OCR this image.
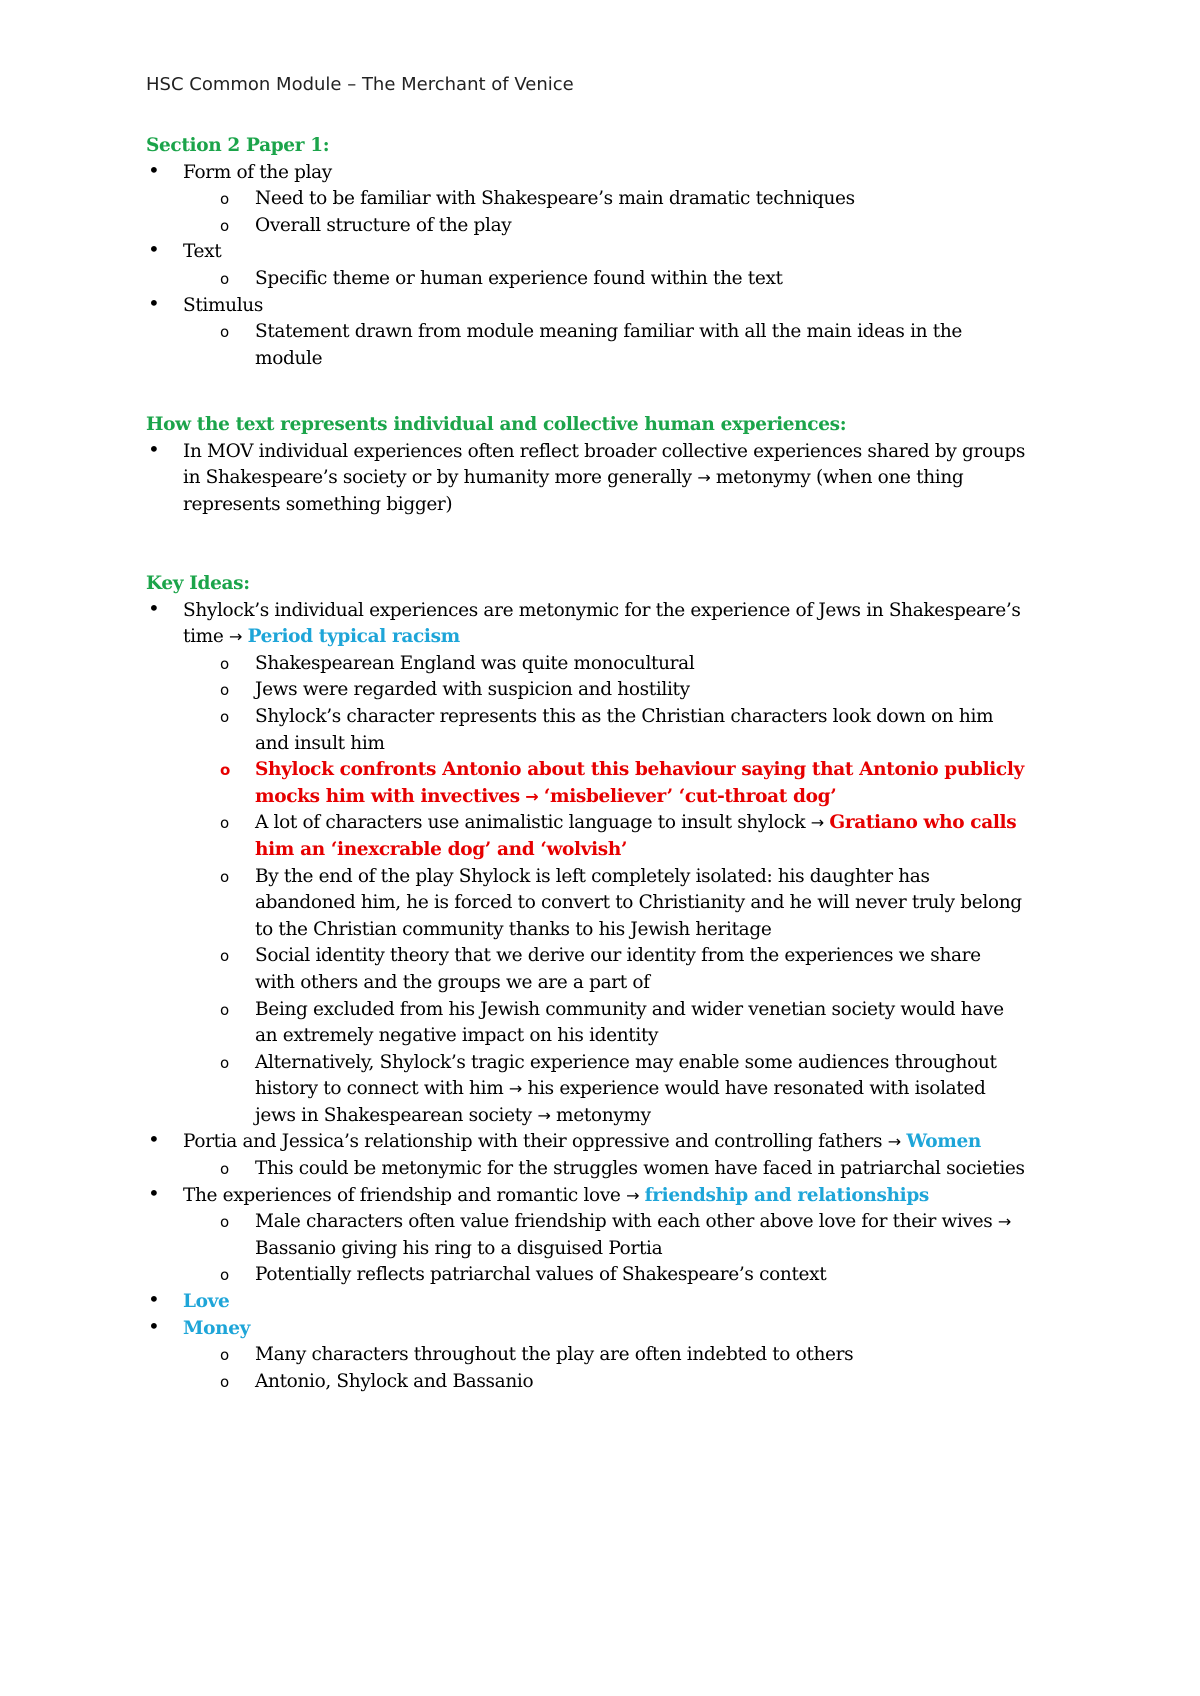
HSC Common Module – The Merchant of Venice
Section 2 Paper 1:
• Form of the play
o Need to be familiar with Shakespeare’s main dramatic techniques
o Overall structure of the play
• Text
o Specific theme or human experience found within the text
• Stimulus
o Statement drawn from module meaning familiar with all the main ideas in the
module
How the text represents individual and collective human experiences:
• In MOV individual experiences often reflect broader collective experiences shared by groups
in Shakespeare’s society or by humanity more generally → metonymy (when one thing
represents something bigger)
Key Ideas:
• Shylock’s individual experiences are metonymic for the experience of Jews in Shakespeare’s
time → Period typical racism
o Shakespearean England was quite monocultural
o Jews were regarded with suspicion and hostility
o Shylock’s character represents this as the Christian characters look down on him
and insult him
o Shylock confronts Antonio about this behaviour saying that Antonio publicly
mocks him with invectives → ‘misbeliever’ ‘cut-throat dog’
o A lot of characters use animalistic language to insult shylock → Gratiano who calls
him an ‘inexcrable dog’ and ‘wolvish’
o By the end of the play Shylock is left completely isolated: his daughter has
abandoned him, he is forced to convert to Christianity and he will never truly belong
to the Christian community thanks to his Jewish heritage
o Social identity theory that we derive our identity from the experiences we share
with others and the groups we are a part of
o Being excluded from his Jewish community and wider venetian society would have
an extremely negative impact on his identity
o Alternatively, Shylock’s tragic experience may enable some audiences throughout
history to connect with him → his experience would have resonated with isolated
jews in Shakespearean society → metonymy
• Portia and Jessica’s relationship with their oppressive and controlling fathers → Women
o This could be metonymic for the struggles women have faced in patriarchal societies
• The experiences of friendship and romantic love → friendship and relationships
o Male characters often value friendship with each other above love for their wives →
Bassanio giving his ring to a disguised Portia
o Potentially reflects patriarchal values of Shakespeare’s context
• Love
• Money
o Many characters throughout the play are often indebted to others
o Antonio, Shylock and Bassanio
